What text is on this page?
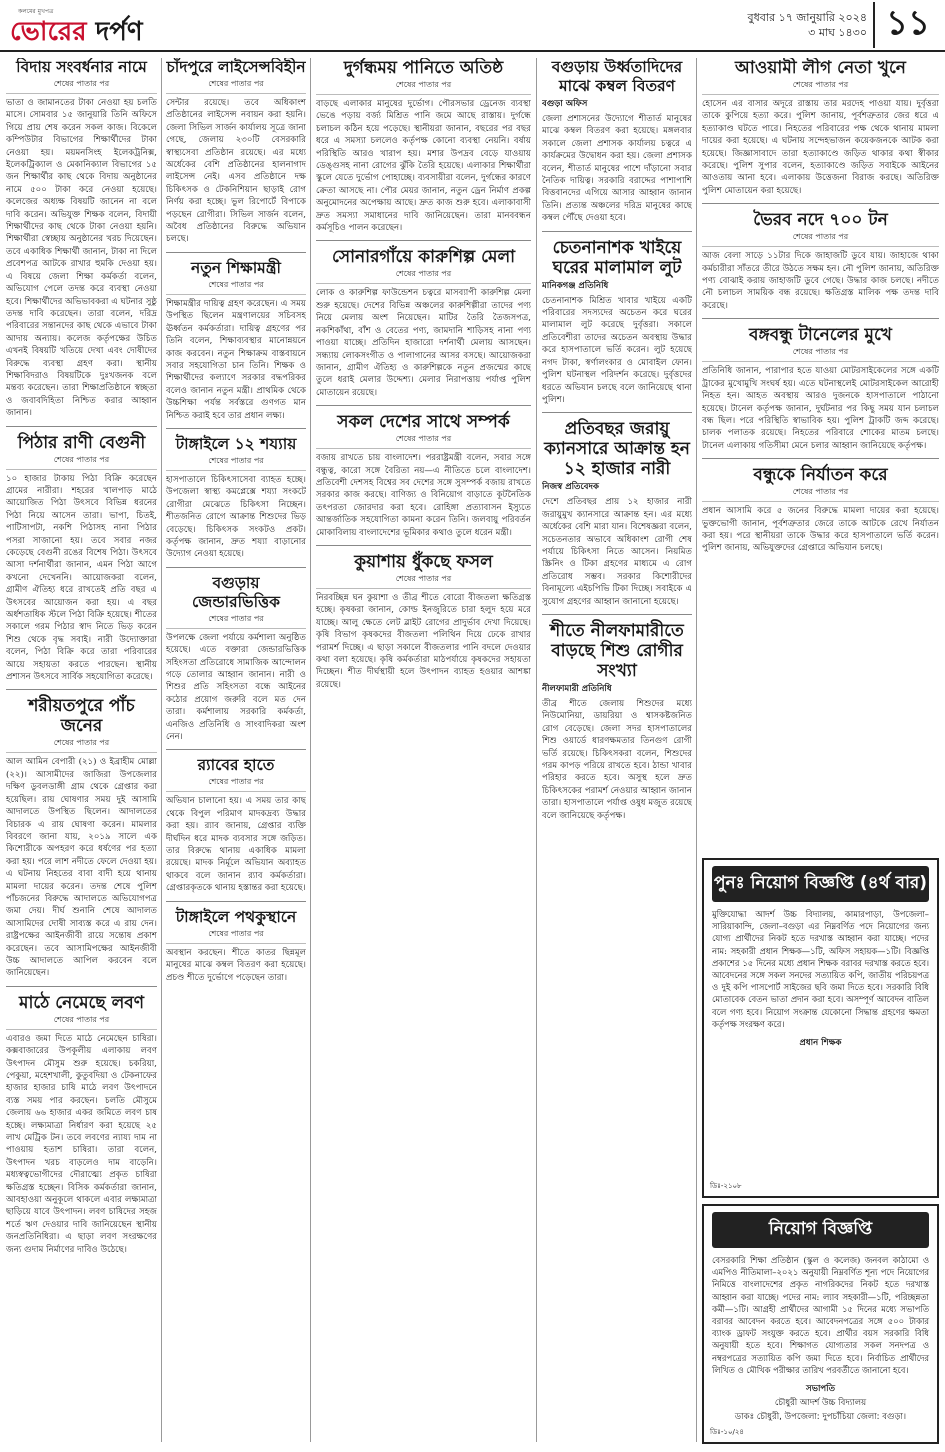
কলমের মুখপত্র
ভোরের দর্পণ	বুধবার ১৭ জানুয়ারি ২০২৪
৩ মাঘ ১৪৩০ ১১
বিদায় সংবর্ধনার নামে
শেষের পাতার পর
ভাতা ও জামানতের টাকা নেওয়া হয় চলতি মাসে। সোমবার ১৫ জানুয়ারি তিনি অফিসে গিয়ে প্রায় শেষ করেন সকল কাজ। বিকেলে কম্পিউটার বিভাগের শিক্ষার্থীদের টাকা নেওয়া হয়। ময়মনসিংহ ইলেকট্রনিক্স, ইলেকট্রিক্যাল ও মেকানিক্যাল বিভাগের ১৫ জন শিক্ষার্থীর কাছ থেকে বিদায় অনুষ্ঠানের নামে ৫০০ টাকা করে নেওয়া হয়েছে। কলেজের অধ্যক্ষ বিষয়টি জানেন না বলে দাবি করেন। অভিযুক্ত শিক্ষক বলেন, বিদায়ী শিক্ষার্থীদের কাছ থেকে টাকা নেওয়া হয়নি। শিক্ষার্থীরা স্বেচ্ছায় অনুষ্ঠানের খরচ দিয়েছেন। তবে একাধিক শিক্ষার্থী জানান, টাকা না দিলে প্রবেশপত্র আটকে রাখার হুমকি দেওয়া হয়। এ বিষয়ে জেলা শিক্ষা কর্মকর্তা বলেন, অভিযোগ পেলে তদন্ত করে ব্যবস্থা নেওয়া হবে। শিক্ষার্থীদের অভিভাবকরা এ ঘটনার সুষ্ঠু তদন্ত দাবি করেছেন। তারা বলেন, দরিদ্র পরিবারের সন্তানদের কাছ থেকে এভাবে টাকা আদায় অন্যায়। কলেজ কর্তৃপক্ষের উচিত এখনই বিষয়টি খতিয়ে দেখা এবং দোষীদের বিরুদ্ধে ব্যবস্থা গ্রহণ করা। স্থানীয় শিক্ষাবিদরাও বিষয়টিকে দুঃখজনক বলে মন্তব্য করেছেন। তারা শিক্ষাপ্রতিষ্ঠানে স্বচ্ছতা ও জবাবদিহিতা নিশ্চিত করার আহ্বান জানান।
পিঠার রাণী বেগুনী
শেষের পাতার পর
১০ হাজার টাকায় পিঠা বিক্রি করেছেন গ্রামের নারীরা। শহরের খালপাড় মাঠে আয়োজিত পিঠা উৎসবে বিভিন্ন ধরনের পিঠা নিয়ে আসেন তারা। ভাপা, চিতই, পাটিসাপটা, নকশি পিঠাসহ নানা পিঠার পসরা সাজানো হয়। তবে সবার নজর কেড়েছে বেগুনী রঙের বিশেষ পিঠা। উৎসবে আসা দর্শনার্থীরা জানান, এমন পিঠা আগে কখনো দেখেননি। আয়োজকরা বলেন, গ্রামীণ ঐতিহ্য ধরে রাখতেই প্রতি বছর এ উৎসবের আয়োজন করা হয়। এ বছর অর্ধশতাধিক স্টলে পিঠা বিক্রি হয়েছে। শীতের সকালে গরম পিঠার স্বাদ নিতে ভিড় করেন শিশু থেকে বৃদ্ধ সবাই। নারী উদ্যোক্তারা বলেন, পিঠা বিক্রি করে তারা পরিবারের আয়ে সহায়তা করতে পারছেন। স্থানীয় প্রশাসন উৎসবে সার্বিক সহযোগিতা করেছে।
শরীয়তপুরে পাঁচ জনের
শেষের পাতার পর
আল আমিন বেপারী (২১) ও ইব্রাহীম মোল্লা (২২)। আসামীদের জাজিরা উপজেলার দক্ষিণ ডুবলডাঙ্গী গ্রাম থেকে গ্রেপ্তার করা হয়েছিল। রায় ঘোষণার সময় দুই আসামি আদালতে উপস্থিত ছিলেন। আদালতের বিচারক এ রায় ঘোষণা করেন। মামলার বিবরণে জানা যায়, ২০১৯ সালে এক কিশোরীকে অপহরণ করে ধর্ষণের পর হত্যা করা হয়। পরে লাশ নদীতে ফেলে দেওয়া হয়। এ ঘটনায় নিহতের বাবা বাদী হয়ে থানায় মামলা দায়ের করেন। তদন্ত শেষে পুলিশ পাঁচজনের বিরুদ্ধে আদালতে অভিযোগপত্র জমা দেয়। দীর্ঘ শুনানি শেষে আদালত আসামিদের দোষী সাব্যস্ত করে এ রায় দেন। রাষ্ট্রপক্ষের আইনজীবী রায়ে সন্তোষ প্রকাশ করেছেন। তবে আসামিপক্ষের আইনজীবী উচ্চ আদালতে আপিল করবেন বলে জানিয়েছেন।
মাঠে নেমেছে লবণ
শেষের পাতার পর
এবারও জমা দিতে মাঠে নেমেছেন চাষিরা। কক্সবাজারের উপকূলীয় এলাকায় লবণ উৎপাদন মৌসুম শুরু হয়েছে। চকরিয়া, পেকুয়া, মহেশখালী, কুতুবদিয়া ও টেকনাফের হাজার হাজার চাষি মাঠে লবণ উৎপাদনে ব্যস্ত সময় পার করছেন। চলতি মৌসুমে জেলায় ৬৬ হাজার একর জমিতে লবণ চাষ হচ্ছে। লক্ষ্যমাত্রা নির্ধারণ করা হয়েছে ২৫ লাখ মেট্রিক টন। তবে লবণের ন্যায্য দাম না পাওয়ায় হতাশ চাষিরা। তারা বলেন, উৎপাদন খরচ বাড়লেও দাম বাড়েনি। মধ্যস্বত্বভোগীদের দৌরাত্ম্যে প্রকৃত চাষিরা ক্ষতিগ্রস্ত হচ্ছেন। বিসিক কর্মকর্তারা জানান, আবহাওয়া অনুকূলে থাকলে এবার লক্ষ্যমাত্রা ছাড়িয়ে যাবে উৎপাদন। লবণ চাষিদের সহজ শর্তে ঋণ দেওয়ার দাবি জানিয়েছেন স্থানীয় জনপ্রতিনিধিরা। এ ছাড়া লবণ সংরক্ষণের জন্য গুদাম নির্মাণের দাবিও উঠেছে।
চাঁদপুরে লাইসেন্সবিহীন
শেষের পাতার পর
সেন্টার রয়েছে। তবে অধিকাংশ প্রতিষ্ঠানের লাইসেন্স নবায়ন করা হয়নি। জেলা সিভিল সার্জন কার্যালয় সূত্রে জানা গেছে, জেলায় ২৩০টি বেসরকারি স্বাস্থ্যসেবা প্রতিষ্ঠান রয়েছে। এর মধ্যে অর্ধেকের বেশি প্রতিষ্ঠানের হালনাগাদ লাইসেন্স নেই। এসব প্রতিষ্ঠানে দক্ষ চিকিৎসক ও টেকনিশিয়ান ছাড়াই রোগ নির্ণয় করা হচ্ছে। ভুল রিপোর্টে বিপাকে পড়ছেন রোগীরা। সিভিল সার্জন বলেন, অবৈধ প্রতিষ্ঠানের বিরুদ্ধে অভিযান চলছে।
নতুন শিক্ষামন্ত্রী
শেষের পাতার পর
শিক্ষামন্ত্রীর দায়িত্ব গ্রহণ করেছেন। এ সময় উপস্থিত ছিলেন মন্ত্রণালয়ের সচিবসহ ঊর্ধ্বতন কর্মকর্তারা। দায়িত্ব গ্রহণের পর তিনি বলেন, শিক্ষাব্যবস্থার মানোন্নয়নে কাজ করবেন। নতুন শিক্ষাক্রম বাস্তবায়নে সবার সহযোগিতা চান তিনি। শিক্ষক ও শিক্ষার্থীদের কল্যাণে সরকার বদ্ধপরিকর বলেও জানান নতুন মন্ত্রী। প্রাথমিক থেকে উচ্চশিক্ষা পর্যন্ত সর্বস্তরে গুণগত মান নিশ্চিত করাই হবে তার প্রধান লক্ষ্য।
টাঙ্গাইলে ১২ শয্যায়
শেষের পাতার পর
হাসপাতালে চিকিৎসাসেবা ব্যাহত হচ্ছে। উপজেলা স্বাস্থ্য কমপ্লেক্সে শয্যা সংকটে রোগীরা মেঝেতে চিকিৎসা নিচ্ছেন। শীতজনিত রোগে আক্রান্ত শিশুদের ভিড় বেড়েছে। চিকিৎসক সংকটও প্রকট। কর্তৃপক্ষ জানান, দ্রুত শয্যা বাড়ানোর উদ্যোগ নেওয়া হয়েছে।
বগুড়ায় জেন্ডারভিত্তিক
শেষের পাতার পর
উপলক্ষে জেলা পর্যায়ে কর্মশালা অনুষ্ঠিত হয়েছে। এতে বক্তারা জেন্ডারভিত্তিক সহিংসতা প্রতিরোধে সামাজিক আন্দোলন গড়ে তোলার আহ্বান জানান। নারী ও শিশুর প্রতি সহিংসতা বন্ধে আইনের কঠোর প্রয়োগ জরুরি বলে মত দেন তারা। কর্মশালায় সরকারি কর্মকর্তা, এনজিও প্রতিনিধি ও সাংবাদিকরা অংশ নেন।
র‍্যাবের হাতে
শেষের পাতার পর
অভিযান চালানো হয়। এ সময় তার কাছ থেকে বিপুল পরিমাণ মাদকদ্রব্য উদ্ধার করা হয়। র‍্যাব জানায়, গ্রেপ্তার ব্যক্তি দীর্ঘদিন ধরে মাদক ব্যবসার সঙ্গে জড়িত। তার বিরুদ্ধে থানায় একাধিক মামলা রয়েছে। মাদক নির্মূলে অভিযান অব্যাহত থাকবে বলে জানান র‍্যাব কর্মকর্তারা। গ্রেপ্তারকৃতকে থানায় হস্তান্তর করা হয়েছে।
টাঙ্গাইলে পথকুস্থানে
শেষের পাতার পর
অবস্থান করছেন। শীতে কাতর ছিন্নমূল মানুষের মাঝে কম্বল বিতরণ করা হয়েছে। প্রচণ্ড শীতে দুর্ভোগে পড়েছেন তারা।
দুর্গন্ধময় পানিতে অতিষ্ঠ
শেষের পাতার পর
বাড়ছে এলাকার মানুষের দুর্ভোগ। পৌরসভার ড্রেনেজ ব্যবস্থা ভেঙে পড়ায় বর্জ্য মিশ্রিত পানি জমে আছে রাস্তায়। দুর্গন্ধে চলাচল কঠিন হয়ে পড়েছে। স্থানীয়রা জানান, বছরের পর বছর ধরে এ সমস্যা চললেও কর্তৃপক্ষ কোনো ব্যবস্থা নেয়নি। বর্ষায় পরিস্থিতি আরও খারাপ হয়। মশার উপদ্রব বেড়ে যাওয়ায় ডেঙ্গুসহ নানা রোগের ঝুঁকি তৈরি হয়েছে। এলাকার শিক্ষার্থীরা স্কুলে যেতে দুর্ভোগ পোহাচ্ছে। ব্যবসায়ীরা বলেন, দুর্গন্ধের কারণে ক্রেতা আসছে না। পৌর মেয়র জানান, নতুন ড্রেন নির্মাণ প্রকল্প অনুমোদনের অপেক্ষায় আছে। দ্রুত কাজ শুরু হবে। এলাকাবাসী দ্রুত সমস্যা সমাধানের দাবি জানিয়েছেন। তারা মানববন্ধন কর্মসূচিও পালন করেছেন।
সোনারগাঁয়ে কারুশিল্প মেলা
শেষের পাতার পর
লোক ও কারুশিল্প ফাউন্ডেশন চত্বরে মাসব্যাপী কারুশিল্প মেলা শুরু হয়েছে। দেশের বিভিন্ন অঞ্চলের কারুশিল্পীরা তাদের পণ্য নিয়ে মেলায় অংশ নিয়েছেন। মাটির তৈরি তৈজসপত্র, নকশিকাঁথা, বাঁশ ও বেতের পণ্য, জামদানি শাড়িসহ নানা পণ্য পাওয়া যাচ্ছে। প্রতিদিন হাজারো দর্শনার্থী মেলায় আসছেন। সন্ধ্যায় লোকসংগীত ও পালাগানের আসর বসছে। আয়োজকরা জানান, গ্রামীণ ঐতিহ্য ও কারুশিল্পকে নতুন প্রজন্মের কাছে তুলে ধরাই মেলার উদ্দেশ্য। মেলার নিরাপত্তায় পর্যাপ্ত পুলিশ মোতায়েন রয়েছে।
সকল দেশের সাথে সম্পর্ক
শেষের পাতার পর
বজায় রাখতে চায় বাংলাদেশ। পররাষ্ট্রমন্ত্রী বলেন, সবার সঙ্গে বন্ধুত্ব, কারো সঙ্গে বৈরিতা নয়—এ নীতিতে চলে বাংলাদেশ। প্রতিবেশী দেশসহ বিশ্বের সব দেশের সঙ্গে সুসম্পর্ক বজায় রাখতে সরকার কাজ করছে। বাণিজ্য ও বিনিয়োগ বাড়াতে কূটনৈতিক তৎপরতা জোরদার করা হবে। রোহিঙ্গা প্রত্যাবাসন ইস্যুতে আন্তর্জাতিক সহযোগিতা কামনা করেন তিনি। জলবায়ু পরিবর্তন মোকাবিলায় বাংলাদেশের ভূমিকার কথাও তুলে ধরেন মন্ত্রী।
কুয়াশায় ধুঁকছে ফসল
শেষের পাতার পর
নিরবচ্ছিন্ন ঘন কুয়াশা ও তীব্র শীতে বোরো বীজতলা ক্ষতিগ্রস্ত হচ্ছে। কৃষকরা জানান, কোল্ড ইনজুরিতে চারা হলুদ হয়ে মরে যাচ্ছে। আলু ক্ষেতে লেট ব্লাইট রোগের প্রাদুর্ভাব দেখা দিয়েছে। কৃষি বিভাগ কৃষকদের বীজতলা পলিথিন দিয়ে ঢেকে রাখার পরামর্শ দিচ্ছে। এ ছাড়া সকালে বীজতলার পানি বদলে দেওয়ার কথা বলা হয়েছে। কৃষি কর্মকর্তারা মাঠপর্যায়ে কৃষকদের সহায়তা দিচ্ছেন। শীত দীর্ঘস্থায়ী হলে উৎপাদন ব্যাহত হওয়ার আশঙ্কা রয়েছে।
বগুড়ায় উর্ধ্বতাদিদের মাঝে কম্বল বিতরণ
বগুড়া অফিস
জেলা প্রশাসনের উদ্যোগে শীতার্ত মানুষের মাঝে কম্বল বিতরণ করা হয়েছে। মঙ্গলবার সকালে জেলা প্রশাসক কার্যালয় চত্বরে এ কার্যক্রমের উদ্বোধন করা হয়। জেলা প্রশাসক বলেন, শীতার্ত মানুষের পাশে দাঁড়ানো সবার নৈতিক দায়িত্ব। সরকারি বরাদ্দের পাশাপাশি বিত্তবানদের এগিয়ে আসার আহ্বান জানান তিনি। প্রত্যন্ত অঞ্চলের দরিদ্র মানুষের কাছে কম্বল পৌঁছে দেওয়া হবে।
চেতনানাশক খাইয়ে ঘরের মালামাল লুট
মানিকগঞ্জ প্রতিনিধি
চেতনানাশক মিশ্রিত খাবার খাইয়ে একটি পরিবারের সদস্যদের অচেতন করে ঘরের মালামাল লুট করেছে দুর্বৃত্তরা। সকালে প্রতিবেশীরা তাদের অচেতন অবস্থায় উদ্ধার করে হাসপাতালে ভর্তি করেন। লুট হয়েছে নগদ টাকা, স্বর্ণালংকার ও মোবাইল ফোন। পুলিশ ঘটনাস্থল পরিদর্শন করেছে। দুর্বৃত্তদের ধরতে অভিযান চলছে বলে জানিয়েছে থানা পুলিশ।
প্রতিবছর জরায়ু ক্যানসারে আক্রান্ত হন ১২ হাজার নারী
নিজস্ব প্রতিবেদক
দেশে প্রতিবছর প্রায় ১২ হাজার নারী জরায়ুমুখ ক্যানসারে আক্রান্ত হন। এর মধ্যে অর্ধেকের বেশি মারা যান। বিশেষজ্ঞরা বলেন, সচেতনতার অভাবে অধিকাংশ রোগী শেষ পর্যায়ে চিকিৎসা নিতে আসেন। নিয়মিত স্ক্রিনিং ও টিকা গ্রহণের মাধ্যমে এ রোগ প্রতিরোধ সম্ভব। সরকার কিশোরীদের বিনামূল্যে এইচপিভি টিকা দিচ্ছে। সবাইকে এ সুযোগ গ্রহণের আহ্বান জানানো হয়েছে।
শীতে নীলফামারীতে বাড়ছে শিশু রোগীর সংখ্যা
নীলফামারী প্রতিনিধি
তীব্র শীতে জেলায় শিশুদের মধ্যে নিউমোনিয়া, ডায়রিয়া ও শ্বাসকষ্টজনিত রোগ বেড়েছে। জেলা সদর হাসপাতালের শিশু ওয়ার্ডে ধারণক্ষমতার তিনগুণ রোগী ভর্তি রয়েছে। চিকিৎসকরা বলেন, শিশুদের গরম কাপড় পরিয়ে রাখতে হবে। ঠান্ডা খাবার পরিহার করতে হবে। অসুস্থ হলে দ্রুত চিকিৎসকের পরামর্শ নেওয়ার আহ্বান জানান তারা। হাসপাতালে পর্যাপ্ত ওষুধ মজুত রয়েছে বলে জানিয়েছে কর্তৃপক্ষ।
আওয়ামী লীগ নেতা খুনে
শেষের পাতার পর
হোসেন এর বাসার অদূরে রাস্তায় তার মরদেহ পাওয়া যায়। দুর্বৃত্তরা তাকে কুপিয়ে হত্যা করে। পুলিশ জানায়, পূর্বশত্রুতার জের ধরে এ হত্যাকাণ্ড ঘটতে পারে। নিহতের পরিবারের পক্ষ থেকে থানায় মামলা দায়ের করা হয়েছে। এ ঘটনায় সন্দেহভাজন কয়েকজনকে আটক করা হয়েছে। জিজ্ঞাসাবাদে তারা হত্যাকাণ্ডে জড়িত থাকার কথা স্বীকার করেছে। পুলিশ সুপার বলেন, হত্যাকাণ্ডে জড়িত সবাইকে আইনের আওতায় আনা হবে। এলাকায় উত্তেজনা বিরাজ করছে। অতিরিক্ত পুলিশ মোতায়েন করা হয়েছে।
ভৈরব নদে ৭০০ টন
শেষের পাতার পর
আজ বেলা সাড়ে ১১টার দিকে জাহাজটি ডুবে যায়। জাহাজে থাকা কর্মচারীরা সাঁতরে তীরে উঠতে সক্ষম হন। নৌ পুলিশ জানায়, অতিরিক্ত পণ্য বোঝাই করায় জাহাজটি ডুবে গেছে। উদ্ধার কাজ চলছে। নদীতে নৌ চলাচল সাময়িক বন্ধ রয়েছে। ক্ষতিগ্রস্ত মালিক পক্ষ তদন্ত দাবি করেছে।
বঙ্গবন্ধু টানেলের মুখে
শেষের পাতার পর
প্রতিনিধি জানান, পারাপার হতে যাওয়া মোটরসাইকেলের সঙ্গে একটি ট্রাকের মুখোমুখি সংঘর্ষ হয়। এতে ঘটনাস্থলেই মোটরসাইকেল আরোহী নিহত হন। আহত অবস্থায় আরও দুজনকে হাসপাতালে পাঠানো হয়েছে। টানেল কর্তৃপক্ষ জানান, দুর্ঘটনার পর কিছু সময় যান চলাচল বন্ধ ছিল। পরে পরিস্থিতি স্বাভাবিক হয়। পুলিশ ট্রাকটি জব্দ করেছে। চালক পলাতক রয়েছে। নিহতের পরিবারে শোকের মাতম চলছে। টানেল এলাকায় গতিসীমা মেনে চলার আহ্বান জানিয়েছে কর্তৃপক্ষ।
বন্ধুকে নির্যাতন করে
শেষের পাতার পর
প্রধান আসামি করে ৫ জনের বিরুদ্ধে মামলা দায়ের করা হয়েছে। ভুক্তভোগী জানান, পূর্বশত্রুতার জেরে তাকে আটকে রেখে নির্যাতন করা হয়। পরে স্থানীয়রা তাকে উদ্ধার করে হাসপাতালে ভর্তি করেন। পুলিশ জানায়, অভিযুক্তদের গ্রেপ্তারে অভিযান চলছে।
পুনঃ নিয়োগ বিজ্ঞপ্তি (৪র্থ বার)
মুক্তিযোদ্ধা আদর্শ উচ্চ বিদ্যালয়, কামারপাড়া, উপজেলা–সারিয়াকান্দি, জেলা–বগুড়া এর নিম্নবর্ণিত পদে নিয়োগের জন্য যোগ্য প্রার্থীদের নিকট হতে দরখাস্ত আহ্বান করা যাচ্ছে। পদের নাম: সহকারী প্রধান শিক্ষক—১টি, অফিস সহায়ক—১টি। বিজ্ঞপ্তি প্রকাশের ১৫ দিনের মধ্যে প্রধান শিক্ষক বরাবর দরখাস্ত করতে হবে। আবেদনের সঙ্গে সকল সনদের সত্যায়িত কপি, জাতীয় পরিচয়পত্র ও দুই কপি পাসপোর্ট সাইজের ছবি জমা দিতে হবে। সরকারি বিধি মোতাবেক বেতন ভাতা প্রদান করা হবে। অসম্পূর্ণ আবেদন বাতিল বলে গণ্য হবে। নিয়োগ সংক্রান্ত যেকোনো সিদ্ধান্ত গ্রহণের ক্ষমতা কর্তৃপক্ষ সংরক্ষণ করে।
প্রধান শিক্ষক
ডিঃ-২১০৮
নিয়োগ বিজ্ঞপ্তি
বেসরকারি শিক্ষা প্রতিষ্ঠান (স্কুল ও কলেজ) জনবল কাঠামো ও এমপিও নীতিমালা–২০২১ অনুযায়ী নিম্নবর্ণিত শূন্য পদে নিয়োগের নিমিত্তে বাংলাদেশের প্রকৃত নাগরিকদের নিকট হতে দরখাস্ত আহ্বান করা যাচ্ছে। পদের নাম: ল্যাব সহকারী—১টি, পরিচ্ছন্নতা কর্মী—১টি। আগ্রহী প্রার্থীদের আগামী ১৫ দিনের মধ্যে সভাপতি বরাবর আবেদন করতে হবে। আবেদনপত্রের সঙ্গে ৫০০ টাকার ব্যাংক ড্রাফট সংযুক্ত করতে হবে। প্রার্থীর বয়স সরকারি বিধি অনুযায়ী হতে হবে। শিক্ষাগত যোগ্যতার সকল সনদপত্র ও নম্বরপত্রের সত্যায়িত কপি জমা দিতে হবে। নির্বাচিত প্রার্থীদের লিখিত ও মৌখিক পরীক্ষার তারিখ পরবর্তীতে জানানো হবে।
সভাপতি
চৌধুরী আদর্শ উচ্চ বিদ্যালয়
ডাকঃ চৌধুরী, উপজেলা: দুপচাঁচিয়া জেলা: বগুড়া।
ডিঃ-১০/২৪
